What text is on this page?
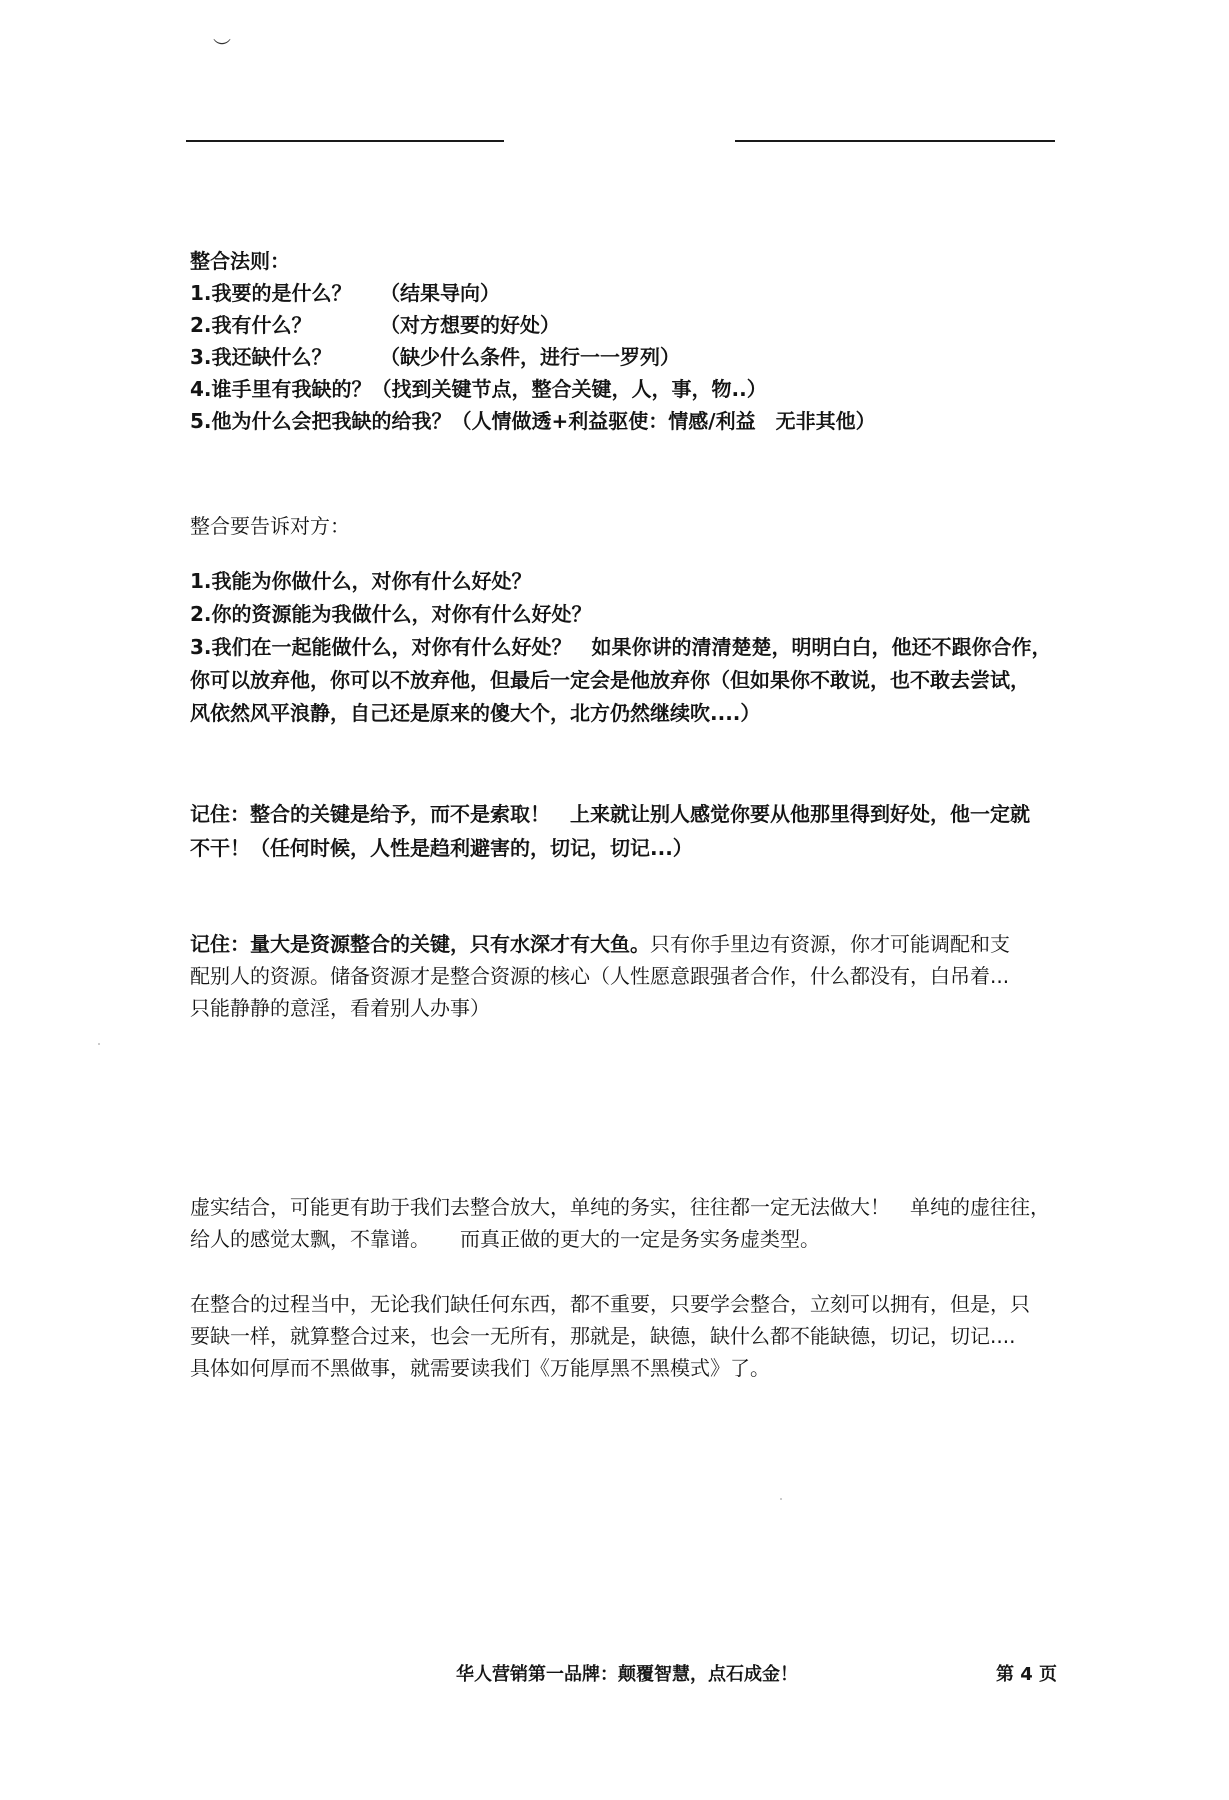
︶
整合法则：
1.我要的是什么？ （结果导向）
2.我有什么？	（对方想要的好处）
3.我还缺什么？ （缺少什么条件，进行一一罗列）
4.谁手里有我缺的？（找到关键节点，整合关键，人，事，物..）
5.他为什么会把我缺的给我？（人情做透+利益驱使：情感/利益　无非其他）
整合要告诉对方：
1.我能为你做什么，对你有什么好处？
2.你的资源能为我做什么，对你有什么好处？
3.我们在一起能做什么，对你有什么好处？　如果你讲的清清楚楚，明明白白，他还不跟你合作，
你可以放弃他，你可以不放弃他，但最后一定会是他放弃你（但如果你不敢说，也不敢去尝试，
风依然风平浪静，自己还是原来的傻大个，北方仍然继续吹....）
记住：整合的关键是给予，而不是索取！　上来就让别人感觉你要从他那里得到好处，他一定就
不干！（任何时候，人性是趋利避害的，切记，切记...）
记住：量大是资源整合的关键，只有水深才有大鱼。只有你手里边有资源，你才可能调配和支
配别人的资源。储备资源才是整合资源的核心（人性愿意跟强者合作，什么都没有，白吊着...
只能静静的意淫，看着别人办事）
虚实结合，可能更有助于我们去整合放大，单纯的务实，往往都一定无法做大！　单纯的虚往往，
给人的感觉太飘，不靠谱。　　而真正做的更大的一定是务实务虚类型。
在整合的过程当中，无论我们缺任何东西，都不重要，只要学会整合，立刻可以拥有，但是，只
要缺一样，就算整合过来，也会一无所有，那就是，缺德，缺什么都不能缺德，切记，切记....
具体如何厚而不黑做事，就需要读我们《万能厚黑不黑模式》了。
华人营销第一品牌：颠覆智慧，点石成金！	第 4 页
